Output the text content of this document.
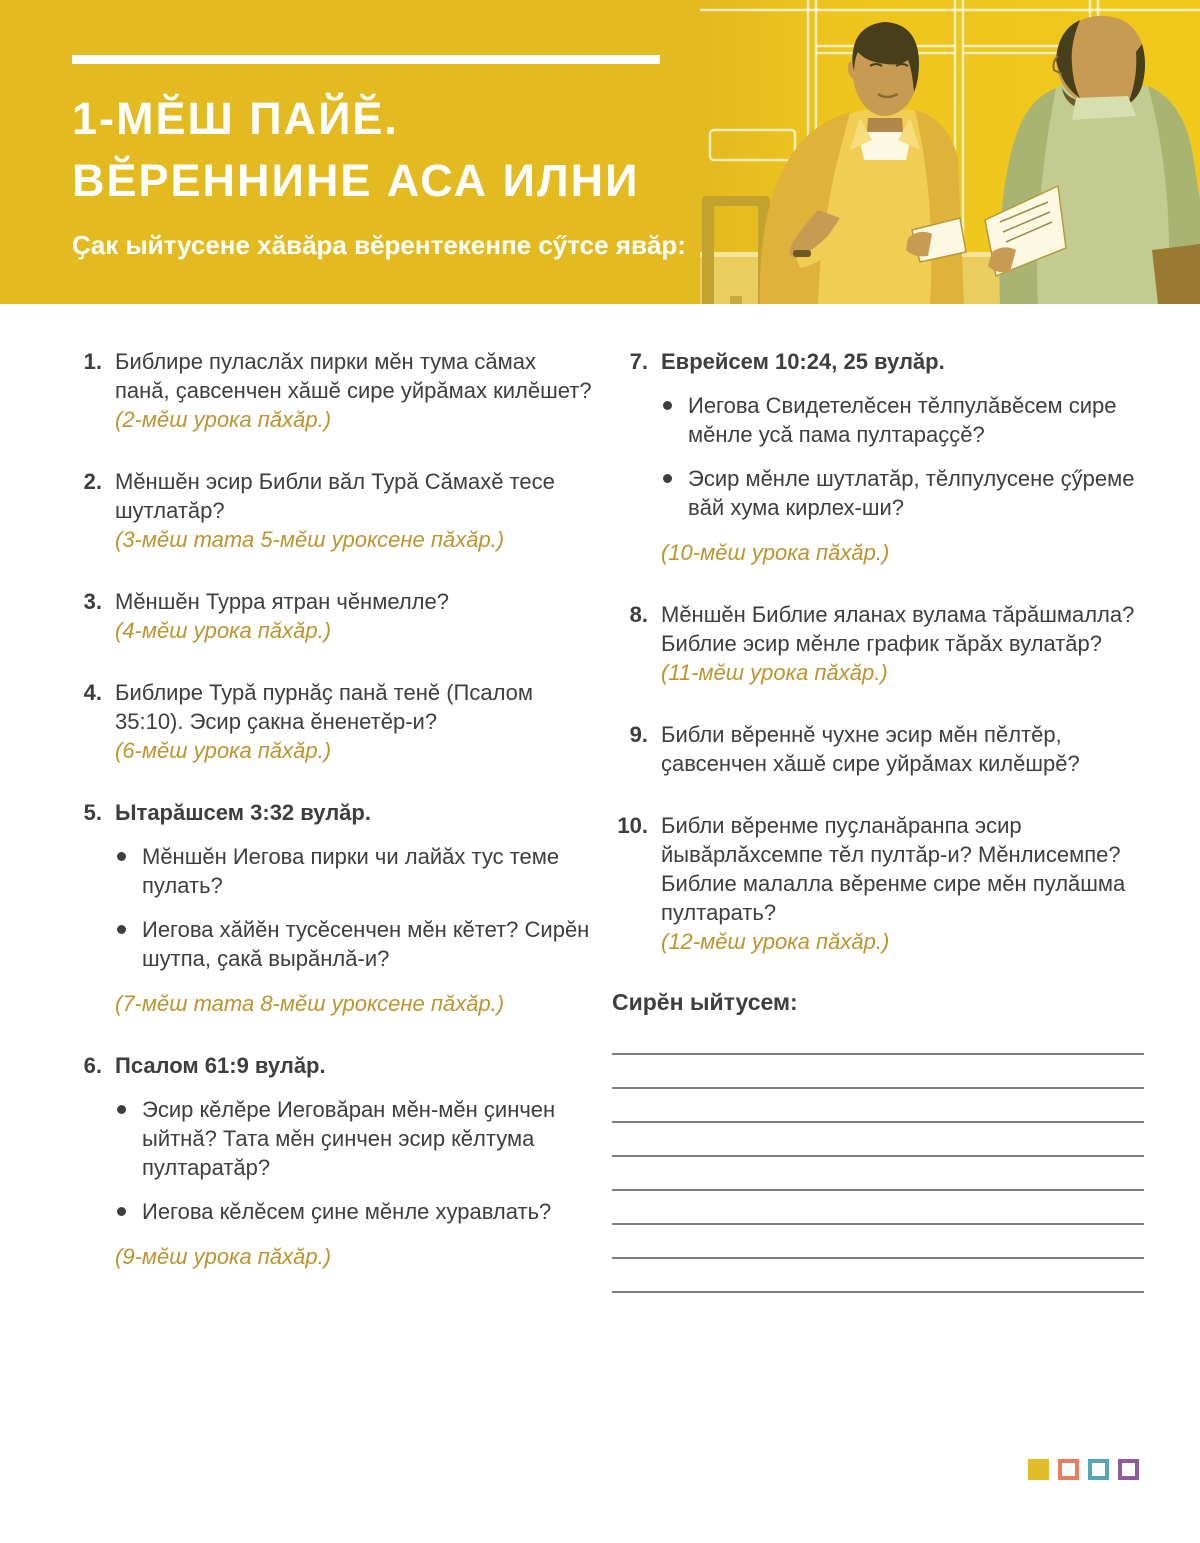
1-МӖШ ПАЙӖ.
ВӖРЕННИНЕ АСА ИЛНИ
Ҫак ыйтусене хӑвӑра вӗрентекенпе сӳтсе явӑр:
1. Библире пуласлӑх пирки мӗн тума сӑмах панӑ, ҫавсенчен хӑшӗ сире уйрӑмах килӗшет?

(2-мӗш урока пӑхӑр.)

2. Мӗншӗн эсир Библи вӑл Турӑ Сӑмахӗ тесе шутлатӑр?

(3-мӗш тата 5-мӗш уроксене пӑхӑр.)

3. Мӗншӗн Турра ятран чӗнмелле?

(4-мӗш урока пӑхӑр.)

4. Библире Турӑ пурнӑҫ панӑ тенӗ (Псалом 35:10). Эсир ҫакна ӗненетӗр-и?

(6-мӗш урока пӑхӑр.)

5. Ытарӑшсем 3:32 вулӑр.

Мӗншӗн Иегова пирки чи лайӑх тус теме пулать?

Иегова хӑйӗн тусӗсенчен мӗн кӗтет? Сирӗн шутпа, ҫакӑ вырӑнлӑ-и?

(7-мӗш тата 8-мӗш уроксене пӑхӑр.)

6. Псалом 61:9 вулӑр.

Эсир кӗлӗре Иеговӑран мӗн-мӗн ҫинчен ыйтнӑ? Тата мӗн ҫинчен эсир кӗлтума пултаратӑр?

Иегова кӗлӗсем ҫине мӗнле хуравлать?

(9-мӗш урока пӑхӑр.)

7. Еврейсем 10:24, 25 вулӑр.

Иегова Свидетелӗсен тӗлпулӑвӗсем сире мӗнле усӑ пама пултараҫҫӗ?

Эсир мӗнле шутлатӑр, тӗлпулусене ҫӳреме вӑй хума кирлех-ши?

(10-мӗш урока пӑхӑр.)

8. Мӗншӗн Библие яланах вулама тӑрӑшмалла? Библие эсир мӗнле график тӑрӑх вулатӑр?

(11-мӗш урока пӑхӑр.)

9. Библи вӗреннӗ чухне эсир мӗн пӗлтӗр, ҫавсенчен хӑшӗ сире уйрӑмах килӗшрӗ?

10. Библи вӗренме пуҫланӑранпа эсир йывӑрлӑхсемпе тӗл пултӑр-и? Мӗнлисемпе? Библие малалла вӗренме сире мӗн пулӑшма пултарать?

(12-мӗш урока пӑхӑр.)

Сирӗн ыйтусем:
